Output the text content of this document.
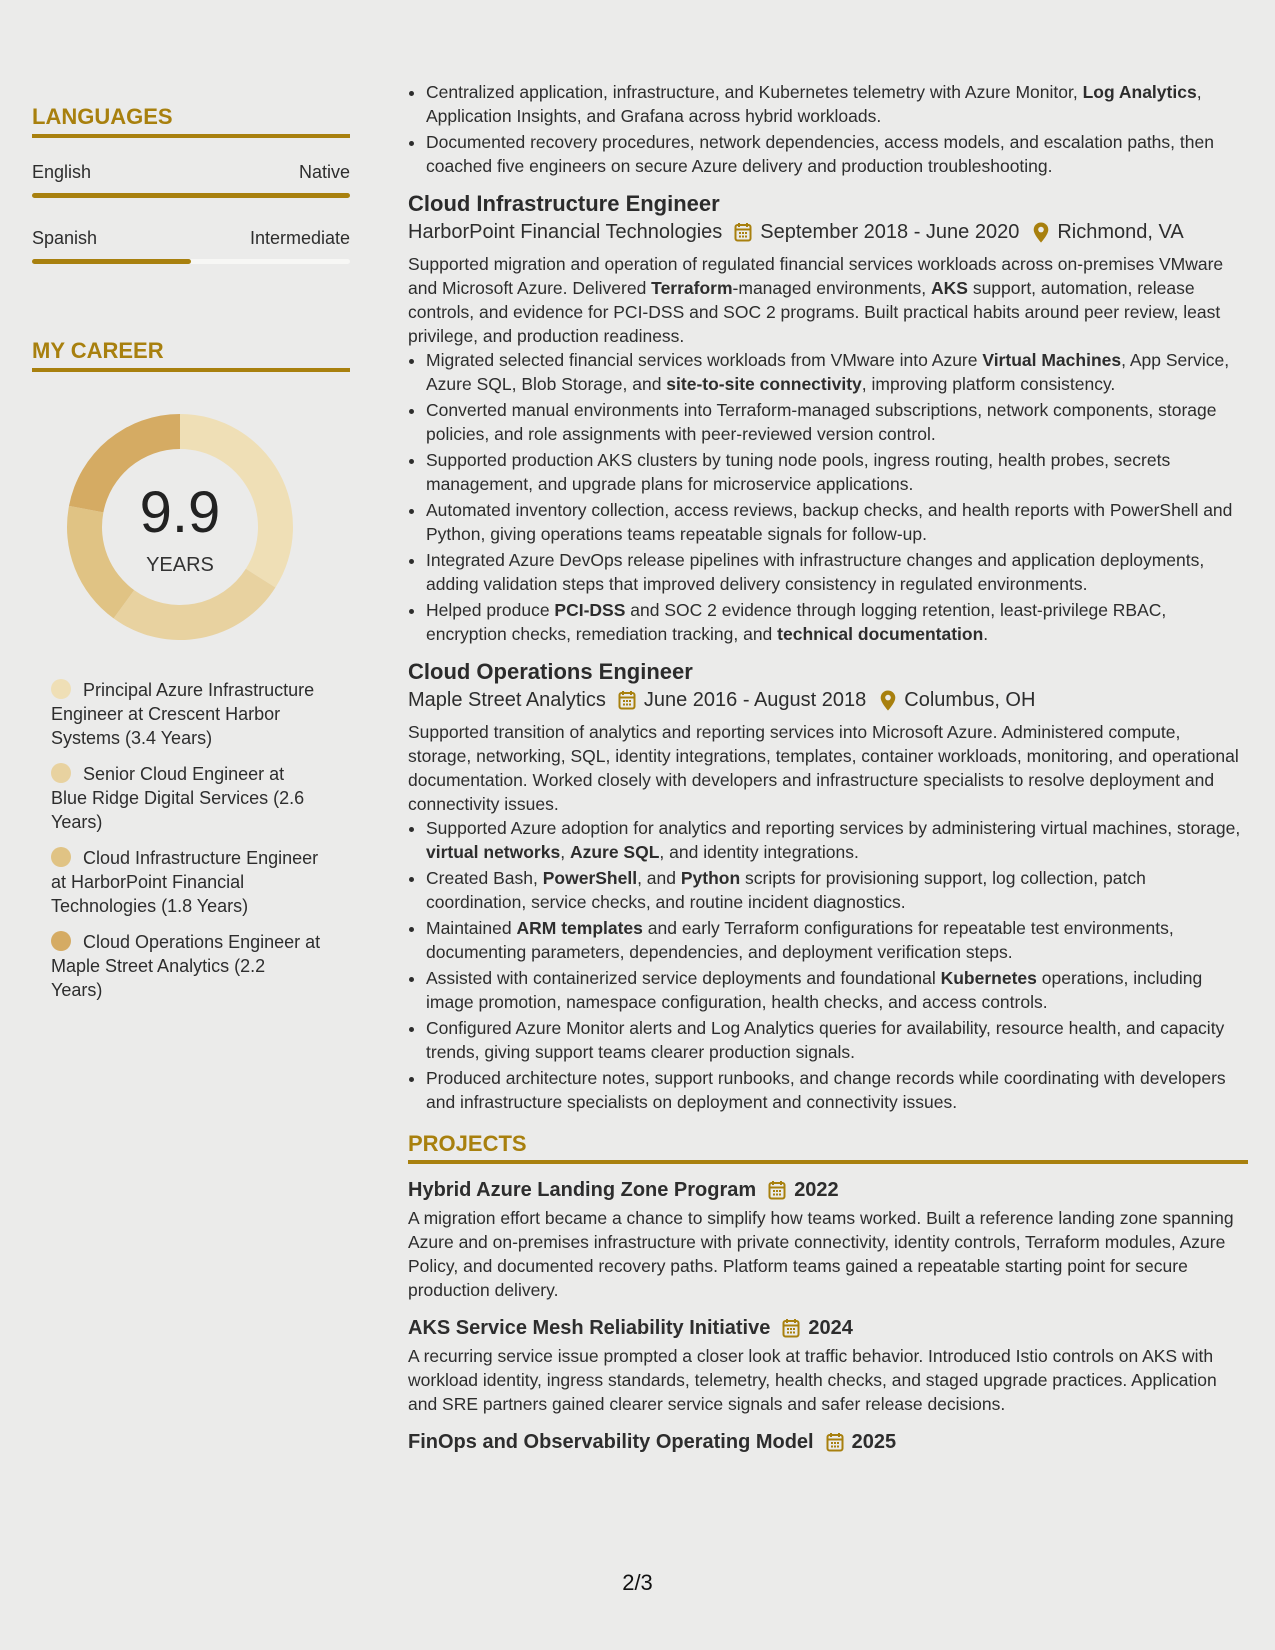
LANGUAGES
English	Native
Spanish	Intermediate
MY CAREER
9.9
YEARS
Principal Azure Infrastructure Engineer at Crescent Harbor Systems (3.4 Years)
Senior Cloud Engineer at Blue Ridge Digital Services (2.6 Years)
Cloud Infrastructure Engineer at HarborPoint Financial Technologies (1.8 Years)
Cloud Operations Engineer at Maple Street Analytics (2.2 Years)
• Centralized application, infrastructure, and Kubernetes telemetry with Azure Monitor, Log Analytics, Application Insights, and Grafana across hybrid workloads.
• Documented recovery procedures, network dependencies, access models, and escalation paths, then coached five engineers on secure Azure delivery and production troubleshooting.
Cloud Infrastructure Engineer
HarborPoint Financial Technologies September 2018 - June 2020 Richmond, VA

Supported migration and operation of regulated financial services workloads across on-premises VMware and Microsoft Azure. Delivered Terraform-managed environments, AKS support, automation, release controls, and evidence for PCI-DSS and SOC 2 programs. Built practical habits around peer review, least privilege, and production readiness.

• Migrated selected financial services workloads from VMware into Azure Virtual Machines, App Service, Azure SQL, Blob Storage, and site-to-site connectivity, improving platform consistency.
• Converted manual environments into Terraform-managed subscriptions, network components, storage policies, and role assignments with peer-reviewed version control.
• Supported production AKS clusters by tuning node pools, ingress routing, health probes, secrets management, and upgrade plans for microservice applications.
• Automated inventory collection, access reviews, backup checks, and health reports with PowerShell and Python, giving operations teams repeatable signals for follow-up.
• Integrated Azure DevOps release pipelines with infrastructure changes and application deployments, adding validation steps that improved delivery consistency in regulated environments.
• Helped produce PCI-DSS and SOC 2 evidence through logging retention, least-privilege RBAC, encryption checks, remediation tracking, and technical documentation.
Cloud Operations Engineer
Maple Street Analytics June 2016 - August 2018 Columbus, OH

Supported transition of analytics and reporting services into Microsoft Azure. Administered compute, storage, networking, SQL, identity integrations, templates, container workloads, monitoring, and operational documentation. Worked closely with developers and infrastructure specialists to resolve deployment and connectivity issues.

• Supported Azure adoption for analytics and reporting services by administering virtual machines, storage, virtual networks, Azure SQL, and identity integrations.
• Created Bash, PowerShell, and Python scripts for provisioning support, log collection, patch coordination, service checks, and routine incident diagnostics.
• Maintained ARM templates and early Terraform configurations for repeatable test environments, documenting parameters, dependencies, and deployment verification steps.
• Assisted with containerized service deployments and foundational Kubernetes operations, including image promotion, namespace configuration, health checks, and access controls.
• Configured Azure Monitor alerts and Log Analytics queries for availability, resource health, and capacity trends, giving support teams clearer production signals.
• Produced architecture notes, support runbooks, and change records while coordinating with developers and infrastructure specialists on deployment and connectivity issues.
PROJECTS
Hybrid Azure Landing Zone Program 2022

A migration effort became a chance to simplify how teams worked. Built a reference landing zone spanning Azure and on-premises infrastructure with private connectivity, identity controls, Terraform modules, Azure Policy, and documented recovery paths. Platform teams gained a repeatable starting point for secure production delivery.

AKS Service Mesh Reliability Initiative 2024

A recurring service issue prompted a closer look at traffic behavior. Introduced Istio controls on AKS with workload identity, ingress standards, telemetry, health checks, and staged upgrade practices. Application and SRE partners gained clearer service signals and safer release decisions.

FinOps and Observability Operating Model 2025
2/3
